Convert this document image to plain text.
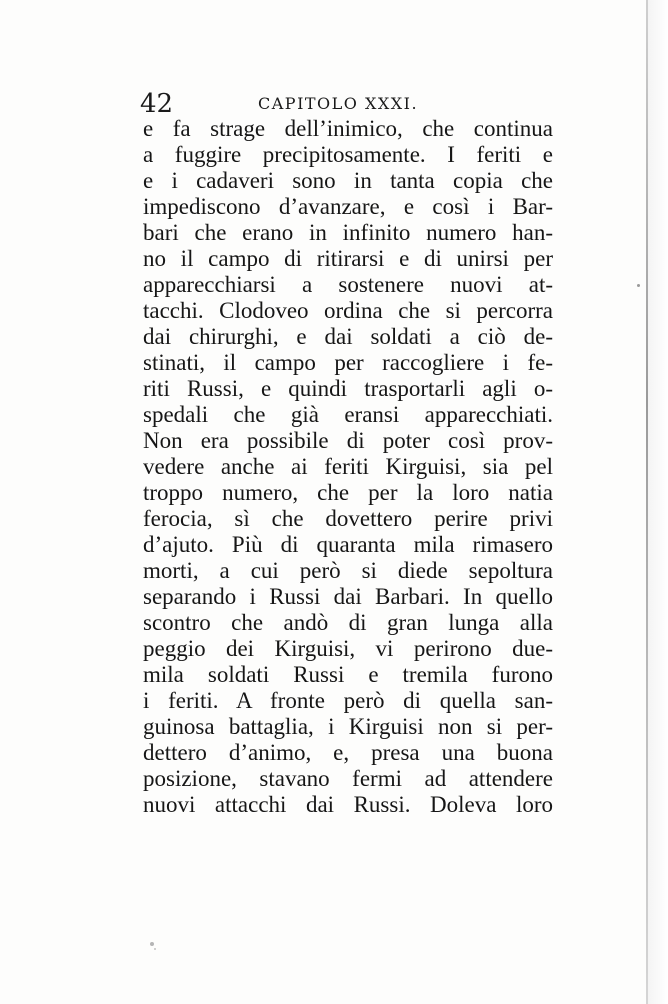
42	CAPITOLO XXXI.
e fa strage dell’inimico, che continua
a fuggire precipitosamente. I feriti e
e i cadaveri sono in tanta copia che
impediscono d’avanzare, e così i Bar-
bari che erano in infinito numero han-
no il campo di ritirarsi e di unirsi per
apparecchiarsi a sostenere nuovi at-
tacchi. Clodoveo ordina che si percorra
dai chirurghi, e dai soldati a ciò de-
stinati, il campo per raccogliere i fe-
riti Russi, e quindi trasportarli agli o-
spedali che già eransi apparecchiati.
Non era possibile di poter così prov-
vedere anche ai feriti Kirguisi, sia pel
troppo numero, che per la loro natia
ferocia, sì che dovettero perire privi
d’ajuto. Più di quaranta mila rimasero
morti, a cui però si diede sepoltura
separando i Russi dai Barbari. In quello
scontro che andò di gran lunga alla
peggio dei Kirguisi, vi perirono due-
mila soldati Russi e tremila furono
i feriti. A fronte però di quella san-
guinosa battaglia, i Kirguisi non si per-
dettero d’animo, e, presa una buona
posizione, stavano fermi ad attendere
nuovi attacchi dai Russi. Doleva loro
